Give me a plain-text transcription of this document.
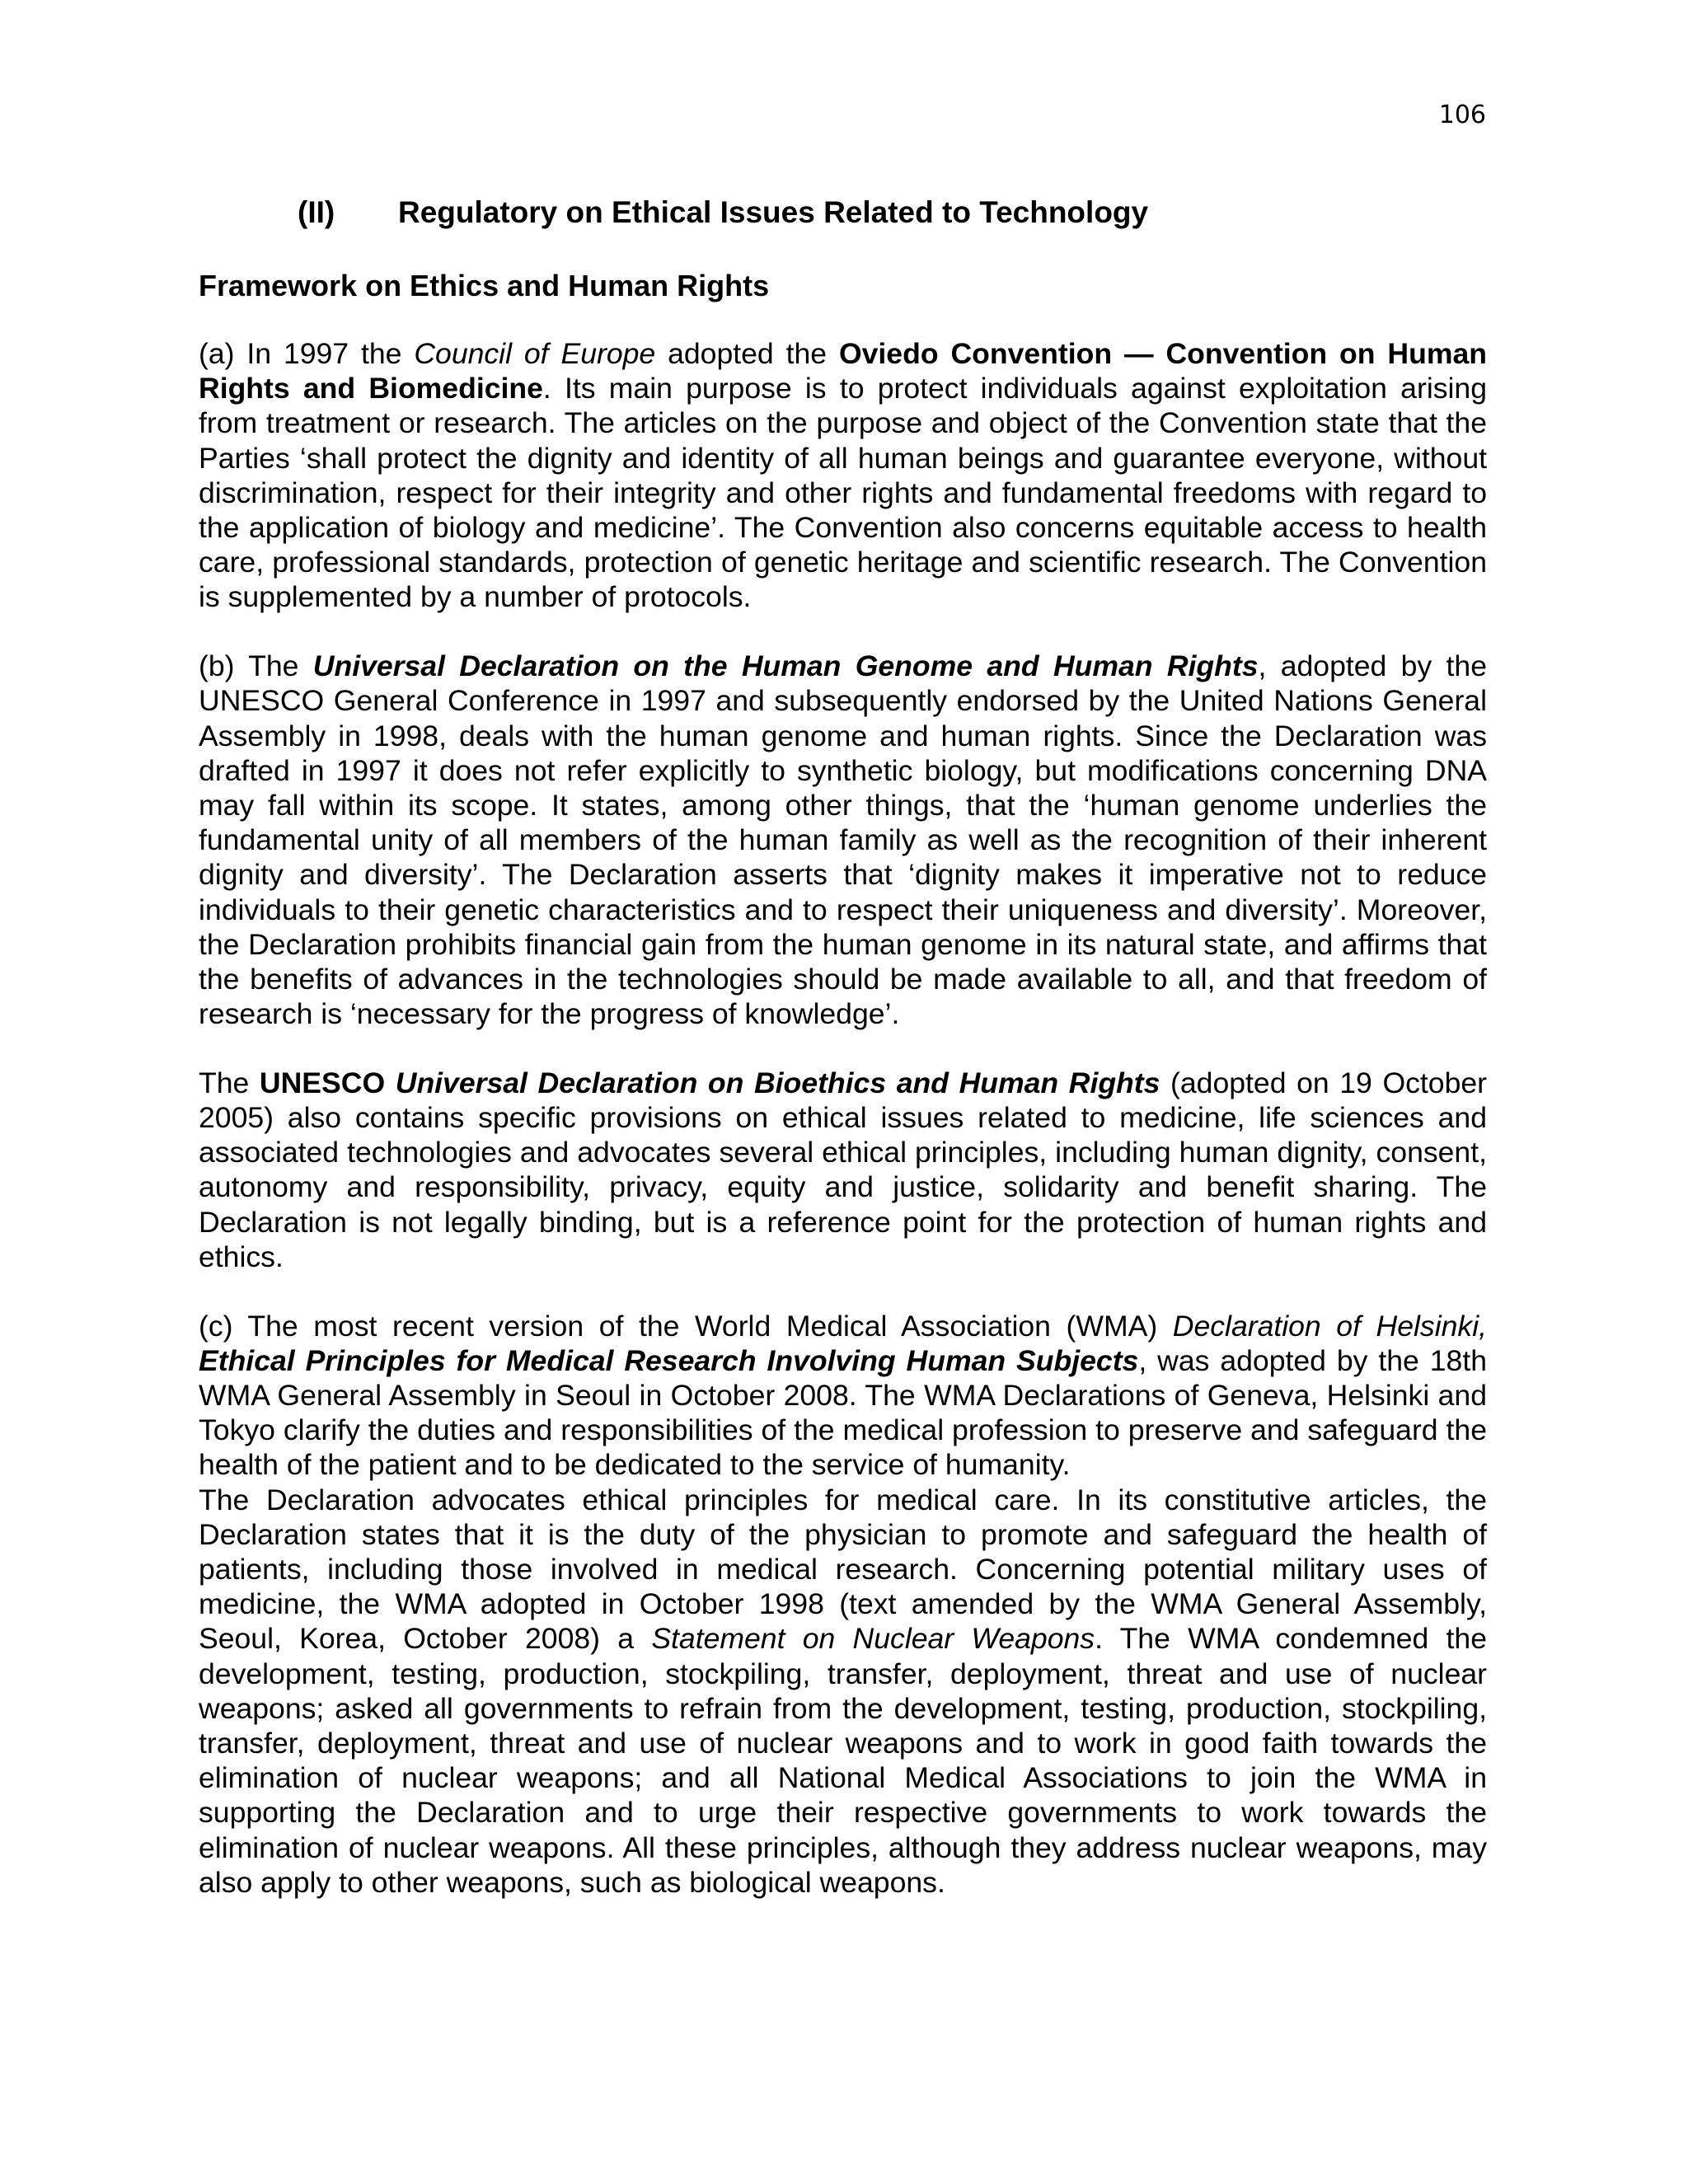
106
(II) Regulatory on Ethical Issues Related to Technology
Framework on Ethics and Human Rights

(a) In 1997 the Council of Europe adopted the Oviedo Convention — Convention on Human Rights and Biomedicine. Its main purpose is to protect individuals against exploitation arising from treatment or research. The articles on the purpose and object of the Convention state that the Parties ‘shall protect the dignity and identity of all human beings and guarantee everyone, without discrimination, respect for their integrity and other rights and fundamental freedoms with regard to the application of biology and medicine’. The Convention also concerns equitable access to health care, professional standards, protection of genetic heritage and scientific research. The Convention is supplemented by a number of protocols.

(b) The Universal Declaration on the Human Genome and Human Rights, adopted by the UNESCO General Conference in 1997 and subsequently endorsed by the United Nations General Assembly in 1998, deals with the human genome and human rights. Since the Declaration was drafted in 1997 it does not refer explicitly to synthetic biology, but modifications concerning DNA may fall within its scope. It states, among other things, that the ‘human genome underlies the fundamental unity of all members of the human family as well as the recognition of their inherent dignity and diversity’. The Declaration asserts that ‘dignity makes it imperative not to reduce individuals to their genetic characteristics and to respect their uniqueness and diversity’. Moreover, the Declaration prohibits financial gain from the human genome in its natural state, and affirms that the benefits of advances in the technologies should be made available to all, and that freedom of research is ‘necessary for the progress of knowledge’.

The UNESCO Universal Declaration on Bioethics and Human Rights (adopted on 19 October 2005) also contains specific provisions on ethical issues related to medicine, life sciences and associated technologies and advocates several ethical principles, including human dignity, consent, autonomy and responsibility, privacy, equity and justice, solidarity and benefit sharing. The Declaration is not legally binding, but is a reference point for the protection of human rights and ethics.

(c) The most recent version of the World Medical Association (WMA) Declaration of Helsinki, Ethical Principles for Medical Research Involving Human Subjects, was adopted by the 18th WMA General Assembly in Seoul in October 2008. The WMA Declarations of Geneva, Helsinki and Tokyo clarify the duties and responsibilities of the medical profession to preserve and safeguard the health of the patient and to be dedicated to the service of humanity.

The Declaration advocates ethical principles for medical care. In its constitutive articles, the Declaration states that it is the duty of the physician to promote and safeguard the health of patients, including those involved in medical research. Concerning potential military uses of medicine, the WMA adopted in October 1998 (text amended by the WMA General Assembly, Seoul, Korea, October 2008) a Statement on Nuclear Weapons. The WMA condemned the development, testing, production, stockpiling, transfer, deployment, threat and use of nuclear weapons; asked all governments to refrain from the development, testing, production, stockpiling, transfer, deployment, threat and use of nuclear weapons and to work in good faith towards the elimination of nuclear weapons; and all National Medical Associations to join the WMA in supporting the Declaration and to urge their respective governments to work towards the elimination of nuclear weapons. All these principles, although they address nuclear weapons, may also apply to other weapons, such as biological weapons.
